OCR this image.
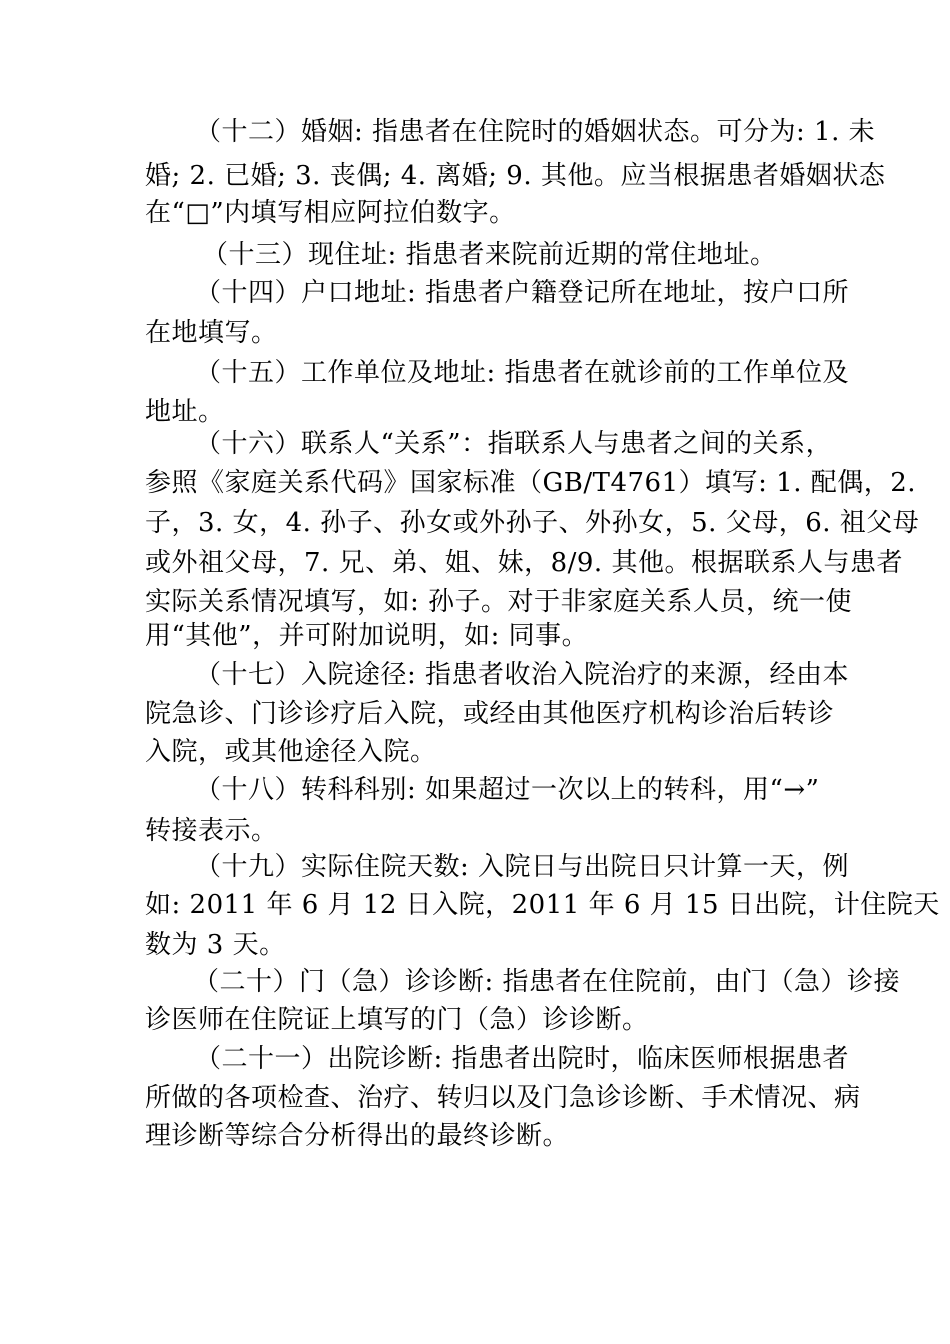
（十二）婚姻: 指患者在住院时的婚姻状态。可分为: 1. 未
婚; 2. 已婚; 3. 丧偶; 4. 离婚; 9. 其他。应当根据患者婚姻状态
在“□”内填写相应阿拉伯数字。
（十三）现住址: 指患者来院前近期的常住地址。
（十四）户口地址: 指患者户籍登记所在地址，按户口所
在地填写。
（十五）工作单位及地址: 指患者在就诊前的工作单位及
地址。
（十六）联系人“关系”：指联系人与患者之间的关系，
参照《家庭关系代码》国家标准（GB/T4761）填写: 1. 配偶，2.
子，3. 女，4. 孙子、孙女或外孙子、外孙女，5. 父母，6. 祖父母
或外祖父母，7. 兄、弟、姐、妹，8/9. 其他。根据联系人与患者
实际关系情况填写，如: 孙子。对于非家庭关系人员，统一使
用“其他”，并可附加说明，如: 同事。
（十七）入院途径: 指患者收治入院治疗的来源，经由本
院急诊、门诊诊疗后入院，或经由其他医疗机构诊治后转诊
入院，或其他途径入院。
（十八）转科科别: 如果超过一次以上的转科，用“→”
转接表示。
（十九）实际住院天数: 入院日与出院日只计算一天，例
如: 2011 年 6 月 12 日入院，2011 年 6 月 15 日出院，计住院天
数为 3 天。
（二十）门（急）诊诊断: 指患者在住院前，由门（急）诊接
诊医师在住院证上填写的门（急）诊诊断。
（二十一）出院诊断: 指患者出院时，临床医师根据患者
所做的各项检查、治疗、转归以及门急诊诊断、手术情况、病
理诊断等综合分析得出的最终诊断。
